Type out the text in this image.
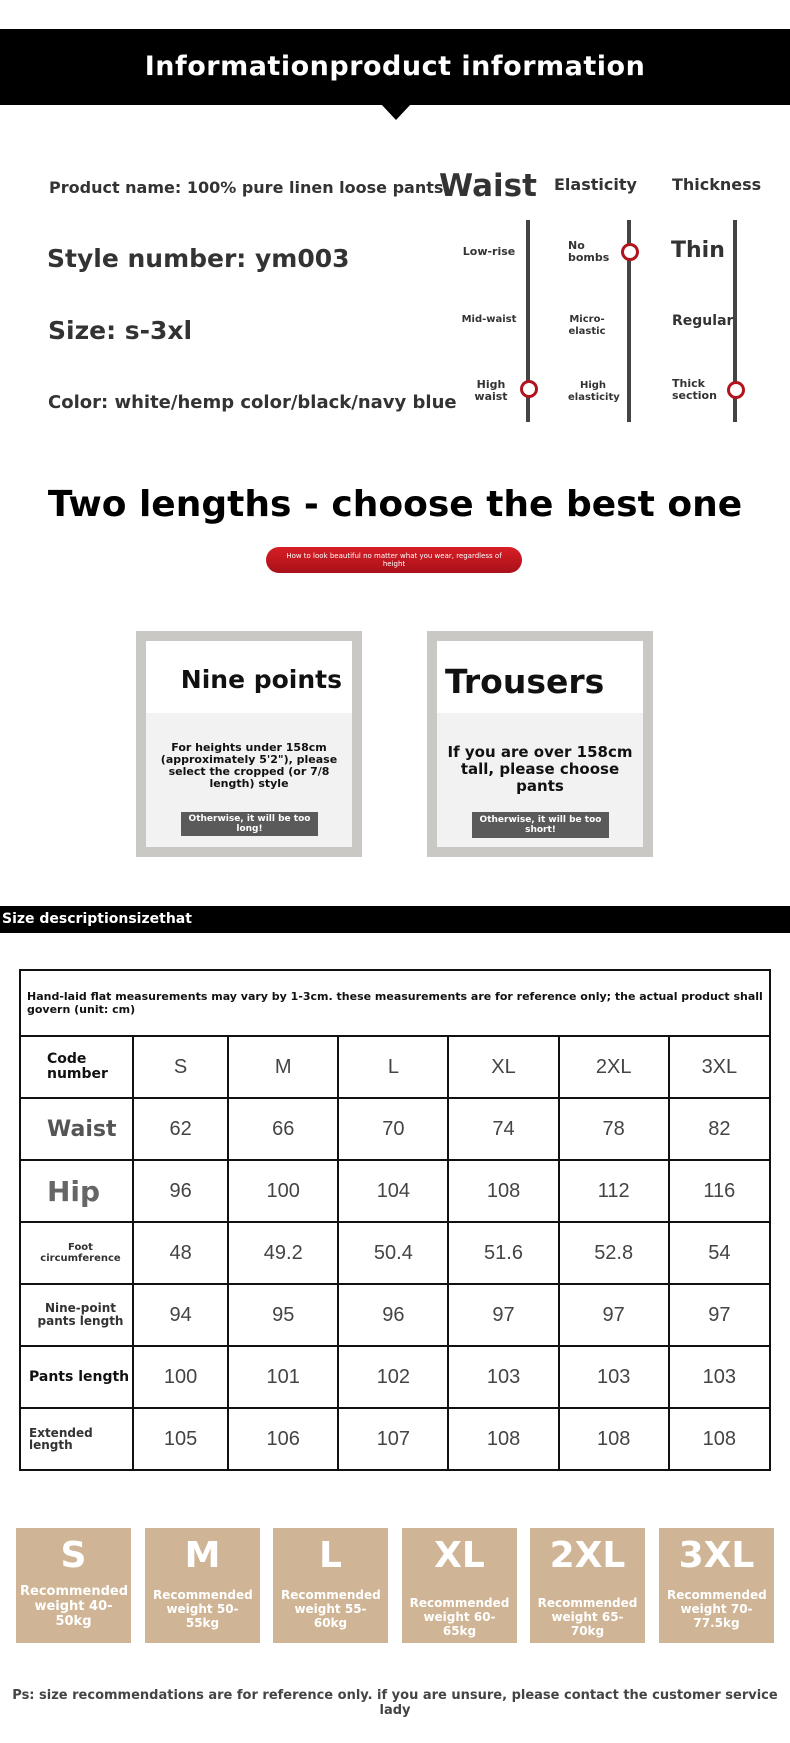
Informationproduct information
Product name: 100% pure linen loose pants
Style number: ym003
Size: s-3xl
Color: white/hemp color/black/navy blue
Waist
Low-rise
Mid-waist
High waist
Elasticity
No bombs
Micro-elastic
High elasticity
Thickness
Thin
Regular
Thick section
Two lengths - choose the best one
How to look beautiful no matter what you wear, regardless of height
Nine points
For heights under 158cm (approximately 5'2"), please select the cropped (or 7/8 length) style
Otherwise, it will be too long!
Trousers
If you are over 158cm tall, please choose pants
Otherwise, it will be too short!
Size descriptionsizethat
Hand-laid flat measurements may vary by 1-3cm. these measurements are for reference only; the actual product shall govern (unit: cm)						

Code number	S	M	L	XL	2XL	3XL

Waist	62	66	70	74	78	82

Hip	96	100	104	108	112	116

Foot circumference	48	49.2	50.4	51.6	52.8	54

Nine-point pants length	94	95	96	97	97	97

Pants length	100	101	102	103	103	103

Extended length	105	106	107	108	108	108
S
Recommended weight 40-50kg
M
Recommended weight 50-55kg
L
Recommended weight 55-60kg
XL
Recommended weight 60-65kg
2XL
Recommended weight 65-70kg
3XL
Recommended weight 70-77.5kg
Ps: size recommendations are for reference only. if you are unsure, please contact the customer service lady
